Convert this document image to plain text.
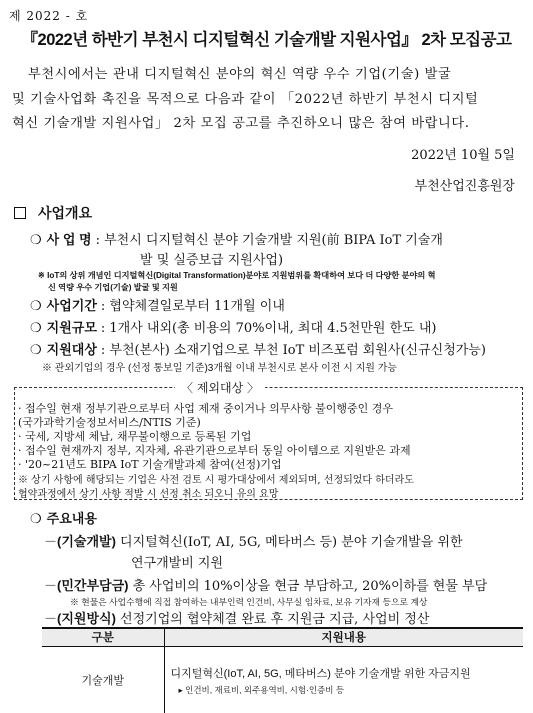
제 2022 - 호
『2022년 하반기 부천시 디지털혁신 기술개발 지원사업』 2차 모집공고
부천시에서는 관내 디지털혁신 분야의 혁신 역량 우수 기업(기술) 발굴
및 기술사업화 촉진을 목적으로 다음과 같이 「2022년 하반기 부천시 디지털
혁신 기술개발 지원사업」 2차 모집 공고를 추진하오니 많은 참여 바랍니다.
2022년 10월 5일
부천산업진흥원장
사업개요
❍ 사 업 명 : 부천시 디지털혁신 분야 기술개발 지원(前 BIPA IoT 기술개
발 및 실증보급 지원사업)
※ IoT의 상위 개념인 디지털혁신(Digital Transformation)분야로 지원범위를 확대하여 보다 더 다양한 분야의 혁
신 역량 우수 기업(기술) 발굴 및 지원
❍ 사업기간 : 협약체결일로부터 11개월 이내
❍ 지원규모 : 1개사 내외(총 비용의 70%이내, 최대 4.5천만원 한도 내)
❍ 지원대상 : 부천(본사) 소재기업으로 부천 IoT 비즈포럼 회원사(신규신청가능)
※ 관외기업의 경우 (선정 통보일 기준)3개월 이내 부천시로 본사 이전 시 지원 가능
〈 제외대상 〉
· 접수일 현재 정부기관으로부터 사업 제재 중이거나 의무사항 불이행중인 경우
(국가과학기술정보서비스/NTIS 기준)
· 국세, 지방세 체납, 채무불이행으로 등록된 기업
· 접수일 현재까지 정부, 지자체, 유관기관으로부터 동일 아이템으로 지원받은 과제
· '20~21년도 BIPA IoT 기술개발과제 참여(선정)기업
※ 상기 사항에 해당되는 기업은 사전 검토 시 평가대상에서 제외되며, 선정되었다 하더라도
협약과정에서 상기 사항 적발 시 선정 취소 되오니 유의 요망
❍ 주요내용
－(기술개발) 디지털혁신(IoT, AI, 5G, 메타버스 등) 분야 기술개발을 위한
연구개발비 지원
－(민간부담금) 총 사업비의 10%이상을 현금 부담하고, 20%이하를 현물 부담
※ 현물은 사업수행에 직접 참여하는 내부인력 인건비, 사무실 임차료, 보유 기자재 등으로 계상
－(지원방식) 선정기업의 협약체결 완료 후 지원금 지급, 사업비 정산
구분	지원내용
기술개발	디지털혁신(IoT, AI, 5G, 메타버스) 분야 기술개발 위한 자금지원
▸ 인건비, 재료비, 외주용역비, 시험·인증비 등
